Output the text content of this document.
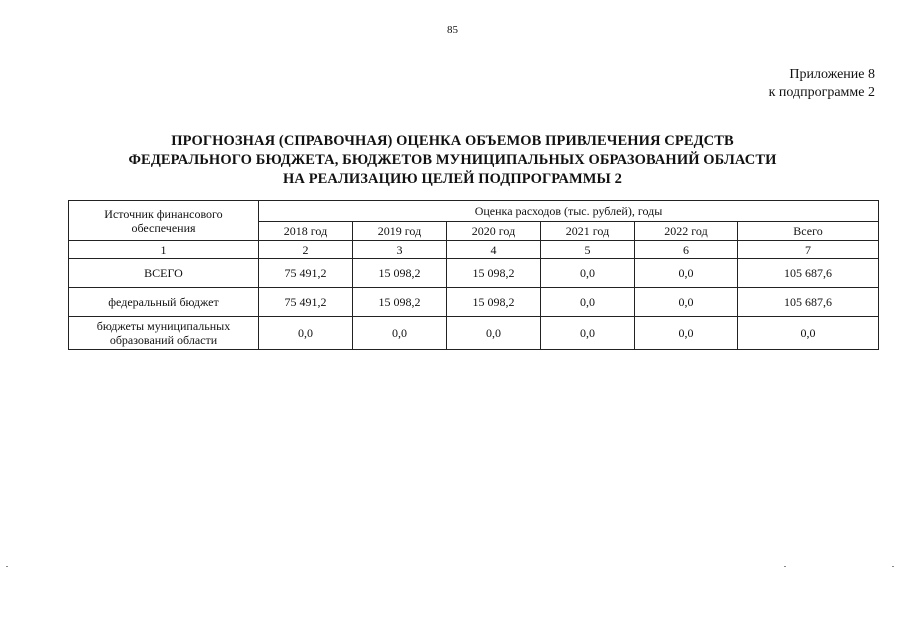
85
Приложение 8
к подпрограмме 2
ПРОГНОЗНАЯ (СПРАВОЧНАЯ) ОЦЕНКА ОБЪЕМОВ ПРИВЛЕЧЕНИЯ СРЕДСТВ
ФЕДЕРАЛЬНОГО БЮДЖЕТА, БЮДЖЕТОВ МУНИЦИПАЛЬНЫХ ОБРАЗОВАНИЙ ОБЛАСТИ
НА РЕАЛИЗАЦИЮ ЦЕЛЕЙ ПОДПРОГРАММЫ 2
Источник финансового
обеспечения	Оценка расходов (тыс. рублей), годы					
	2018 год	2019 год	2020 год	2021 год	2022 год	Всего
1	2	3	4	5	6	7
ВСЕГО	75 491,2	15 098,2	15 098,2	0,0	0,0	105 687,6
федеральный бюджет	75 491,2	15 098,2	15 098,2	0,0	0,0	105 687,6

бюджеты муниципальных
образований области	0,0	0,0	0,0	0,0	0,0	0,0
